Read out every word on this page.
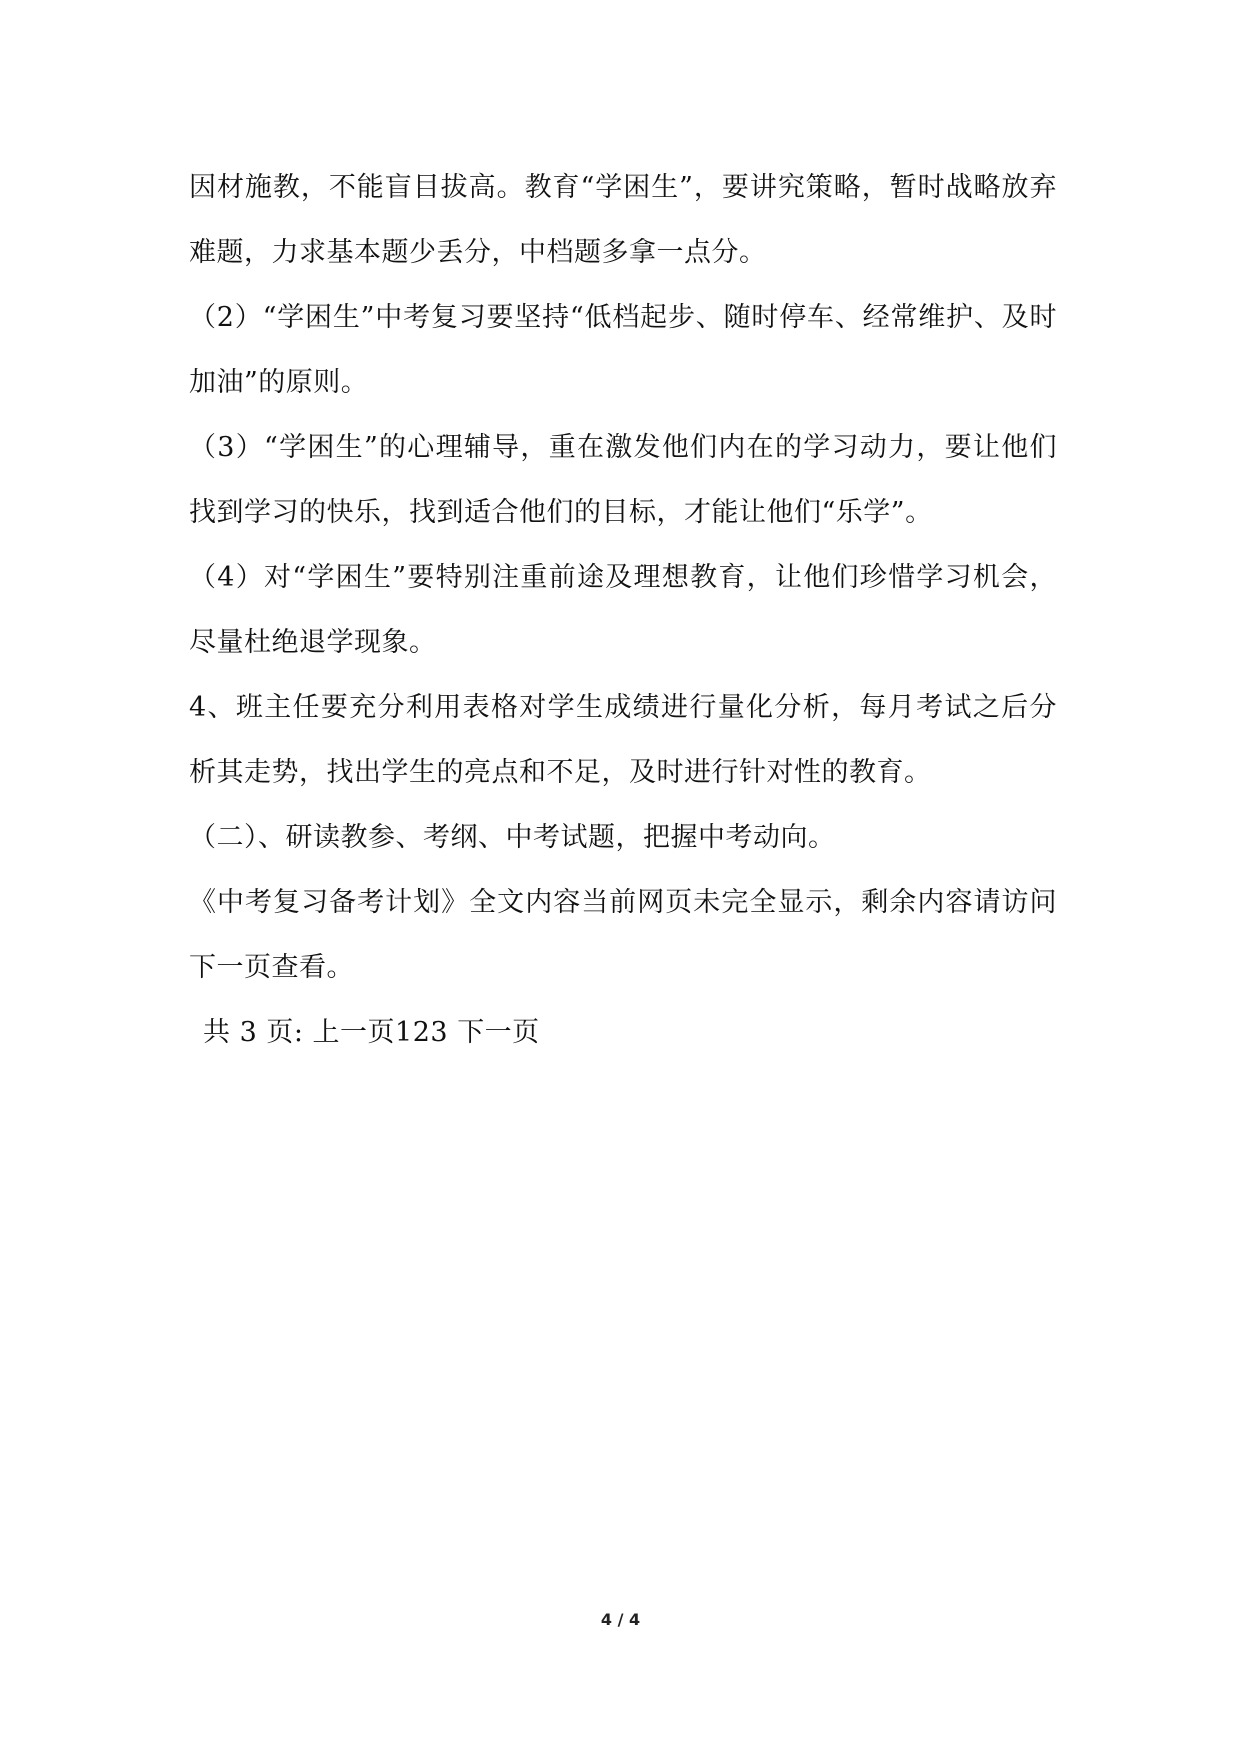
因材施教，不能盲目拔高。教育“学困生”，要讲究策略，暂时战略放弃难题，力求基本题少丢分，中档题多拿一点分。

（2）“学困生”中考复习要坚持“低档起步、随时停车、经常维护、及时加油”的原则。

（3）“学困生”的心理辅导，重在激发他们内在的学习动力，要让他们找到学习的快乐，找到适合他们的目标，才能让他们“乐学”。

（4）对“学困生”要特别注重前途及理想教育，让他们珍惜学习机会，尽量杜绝退学现象。

4、班主任要充分利用表格对学生成绩进行量化分析，每月考试之后分析其走势，找出学生的亮点和不足，及时进行针对性的教育。

（二）、研读教参、考纲、中考试题，把握中考动向。

《中考复习备考计划》全文内容当前网页未完全显示，剩余内容请访问下一页查看。

共 3 页: 上一页123 下一页

4 / 4
